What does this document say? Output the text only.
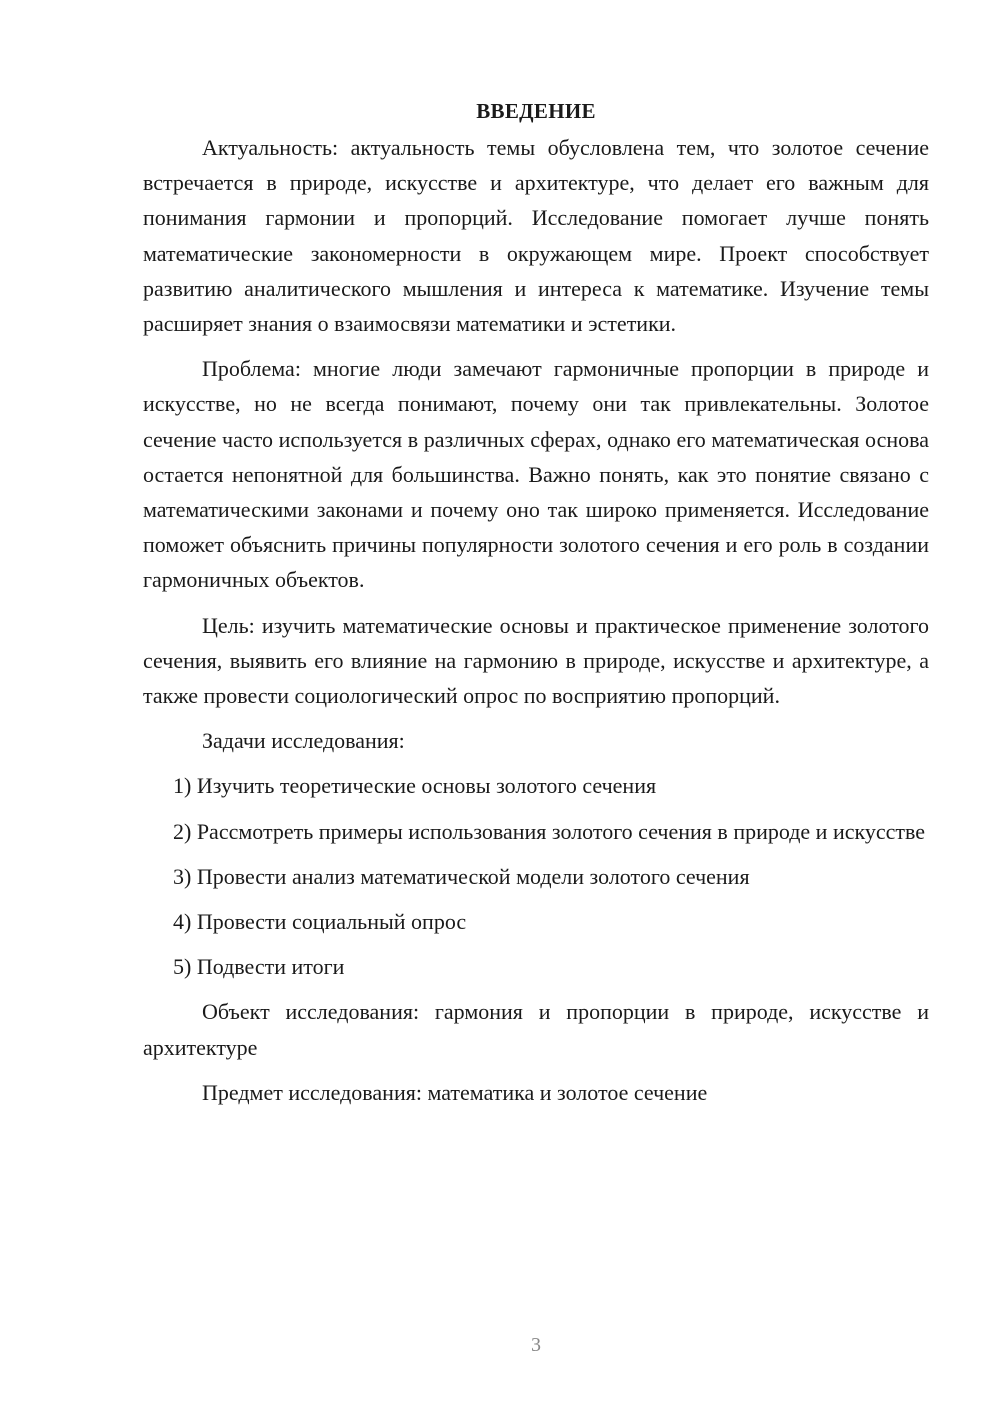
ВВЕДЕНИЕ

Актуальность: актуальность темы обусловлена тем, что золотое сечение встречается в природе, искусстве и архитектуре, что делает его важным для понимания гармонии и пропорций. Исследование помогает лучше понять математические закономерности в окружающем мире. Проект способствует развитию аналитического мышления и интереса к математике. Изучение темы расширяет знания о взаимосвязи математики и эстетики.

Проблема: многие люди замечают гармоничные пропорции в природе и искусстве, но не всегда понимают, почему они так привлекательны. Золотое сечение часто используется в различных сферах, однако его математическая основа остается непонятной для большинства. Важно понять, как это понятие связано с математическими законами и почему оно так широко применяется. Исследование поможет объяснить причины популярности золотого сечения и его роль в создании гармоничных объектов.

Цель: изучить математические основы и практическое применение золотого сечения, выявить его влияние на гармонию в природе, искусстве и архитектуре, а также провести социологический опрос по восприятию пропорций.

Задачи исследования:

1) Изучить теоретические основы золотого сечения

2) Рассмотреть примеры использования золотого сечения в природе и искусстве

3) Провести анализ математической модели золотого сечения

4) Провести социальный опрос

5) Подвести итоги

Объект исследования: гармония и пропорции в природе, искусстве и архитектуре

Предмет исследования: математика и золотое сечение

3
